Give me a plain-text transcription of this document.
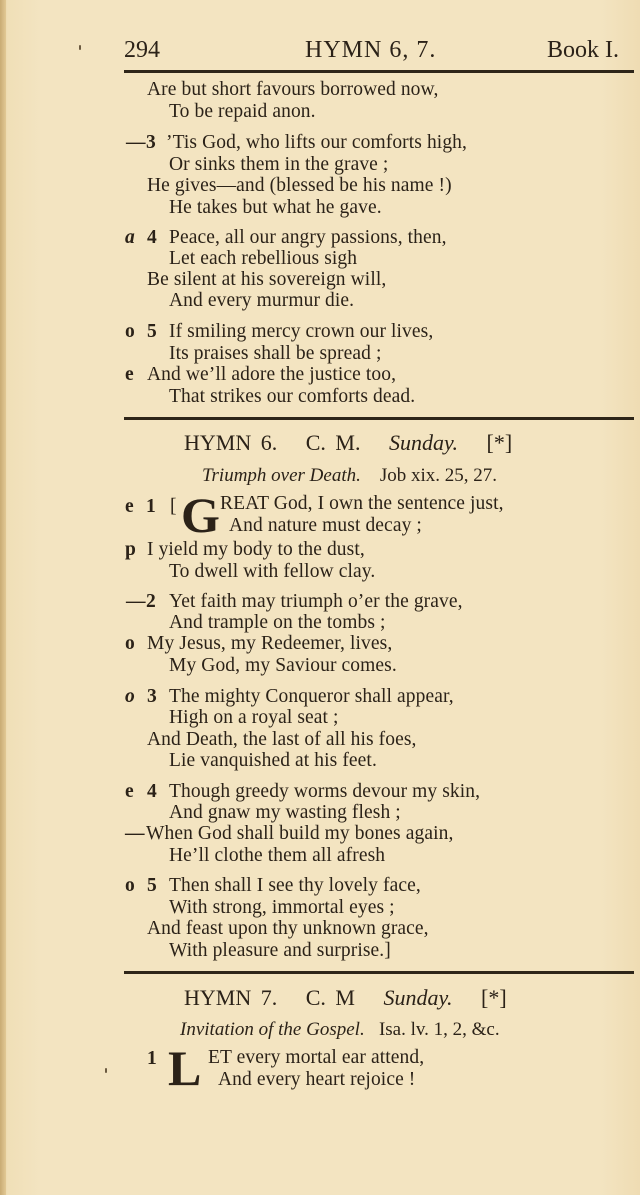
294	HYMN 6, 7.	Book I.
Are but short favours borrowed now,
To be repaid anon.
— 3 ’Tis God, who lifts our comforts high,
Or sinks them in the grave ;
He gives—and (blessed be his name !)
He takes but what he gave.
a 4 Peace, all our angry passions, then,
Let each rebellious sigh
Be silent at his sovereign will,
And every murmur die.
o 5 If smiling mercy crown our lives,
Its praises shall be spread ;
e And we’ll adore the justice too,
That strikes our comforts dead.
HYMN 6. C. M. Sunday. [*]
Triumph over Death. Job xix. 25, 27.
e 1 [ G REAT God, I own the sentence just,
And nature must decay ;
p I yield my body to the dust,
To dwell with fellow clay.
— 2 Yet faith may triumph o’er the grave,
And trample on the tombs ;
o My Jesus, my Redeemer, lives,
My God, my Saviour comes.
o 3 The mighty Conqueror shall appear,
High on a royal seat ;
And Death, the last of all his foes,
Lie vanquished at his feet.
e 4 Though greedy worms devour my skin,
And gnaw my wasting flesh ;
— When God shall build my bones again,
He’ll clothe them all afresh
o 5 Then shall I see thy lovely face,
With strong, immortal eyes ;
And feast upon thy unknown grace,
With pleasure and surprise.]
HYMN 7. C. M Sunday. [*]
Invitation of the Gospel. Isa. lv. 1, 2, &c.
1 L ET every mortal ear attend,
And every heart rejoice !
